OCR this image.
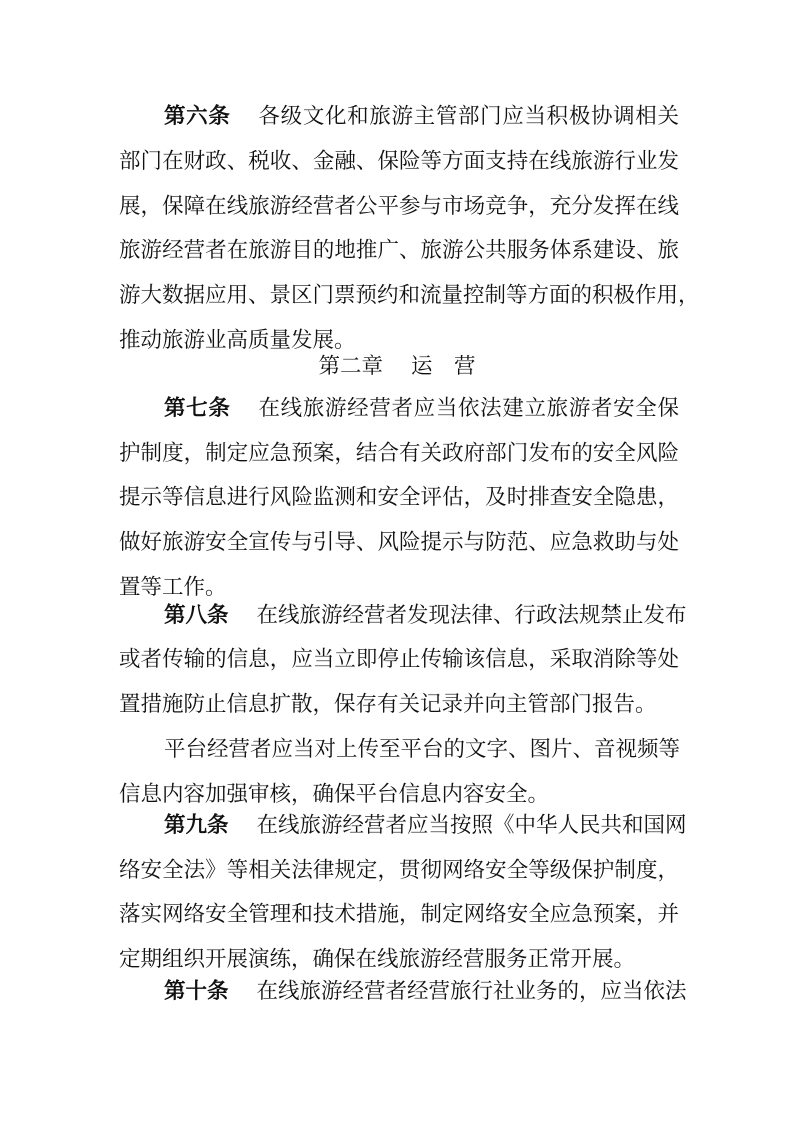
第六条 各级文化和旅游主管部门应当积极协调相关
部门在财政、税收、金融、保险等方面支持在线旅游行业发
展，保障在线旅游经营者公平参与市场竞争，充分发挥在线
旅游经营者在旅游目的地推广、旅游公共服务体系建设、旅
游大数据应用、景区门票预约和流量控制等方面的积极作用，
推动旅游业高质量发展。
第二章 运　营
第七条 在线旅游经营者应当依法建立旅游者安全保
护制度，制定应急预案，结合有关政府部门发布的安全风险
提示等信息进行风险监测和安全评估，及时排查安全隐患，
做好旅游安全宣传与引导、风险提示与防范、应急救助与处
置等工作。
第八条 在线旅游经营者发现法律、行政法规禁止发布
或者传输的信息，应当立即停止传输该信息，采取消除等处
置措施防止信息扩散，保存有关记录并向主管部门报告。
平台经营者应当对上传至平台的文字、图片、音视频等
信息内容加强审核，确保平台信息内容安全。
第九条 在线旅游经营者应当按照《中华人民共和国网
络安全法》等相关法律规定，贯彻网络安全等级保护制度，
落实网络安全管理和技术措施，制定网络安全应急预案，并
定期组织开展演练，确保在线旅游经营服务正常开展。
第十条 在线旅游经营者经营旅行社业务的，应当依法
